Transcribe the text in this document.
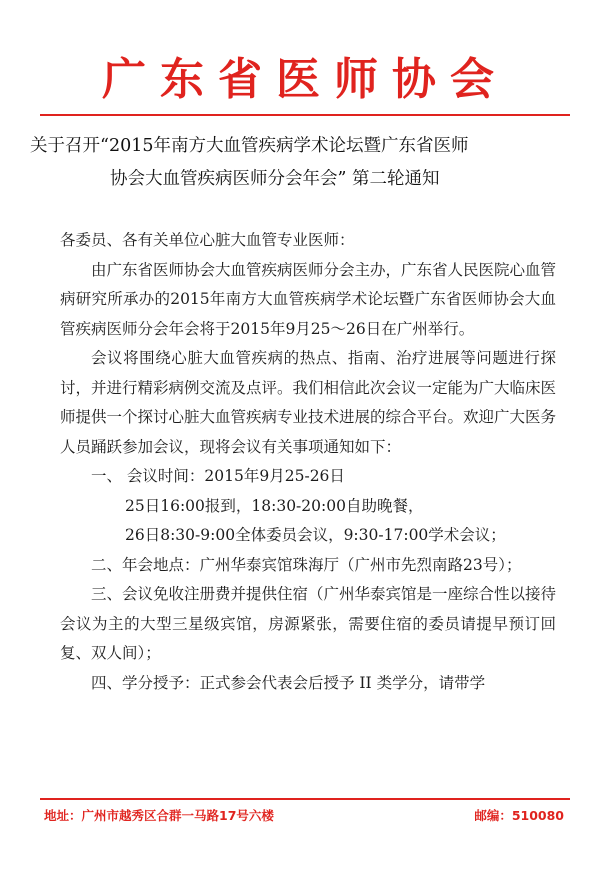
广东省医师协会
关于召开“2015年南方大血管疾病学术论坛暨广东省医师
协会大血管疾病医师分会年会” 第二轮通知

各委员、各有关单位心脏大血管专业医师：

由广东省医师协会大血管疾病医师分会主办，广东省人民医院心血管病研究所承办的2015年南方大血管疾病学术论坛暨广东省医师协会大血管疾病医师分会年会将于2015年9月25～26日在广州举行。

会议将围绕心脏大血管疾病的热点、指南、治疗进展等问题进行探讨，并进行精彩病例交流及点评。我们相信此次会议一定能为广大临床医师提供一个探讨心脏大血管疾病专业技术进展的综合平台。欢迎广大医务人员踊跃参加会议，现将会议有关事项通知如下：

一、 会议时间：2015年9月25-26日

25日16:00报到，18:30-20:00自助晚餐，

26日8:30-9:00全体委员会议，9:30-17:00学术会议；

二、年会地点：广州华泰宾馆珠海厅（广州市先烈南路23号）；

三、会议免收注册费并提供住宿（广州华泰宾馆是一座综合性以接待会议为主的大型三星级宾馆，房源紧张，需要住宿的委员请提早预订回复、双人间）；

四、学分授予：正式参会代表会后授予 II 类学分，请带学

地址：广州市越秀区合群一马路17号六楼	邮编：510080
